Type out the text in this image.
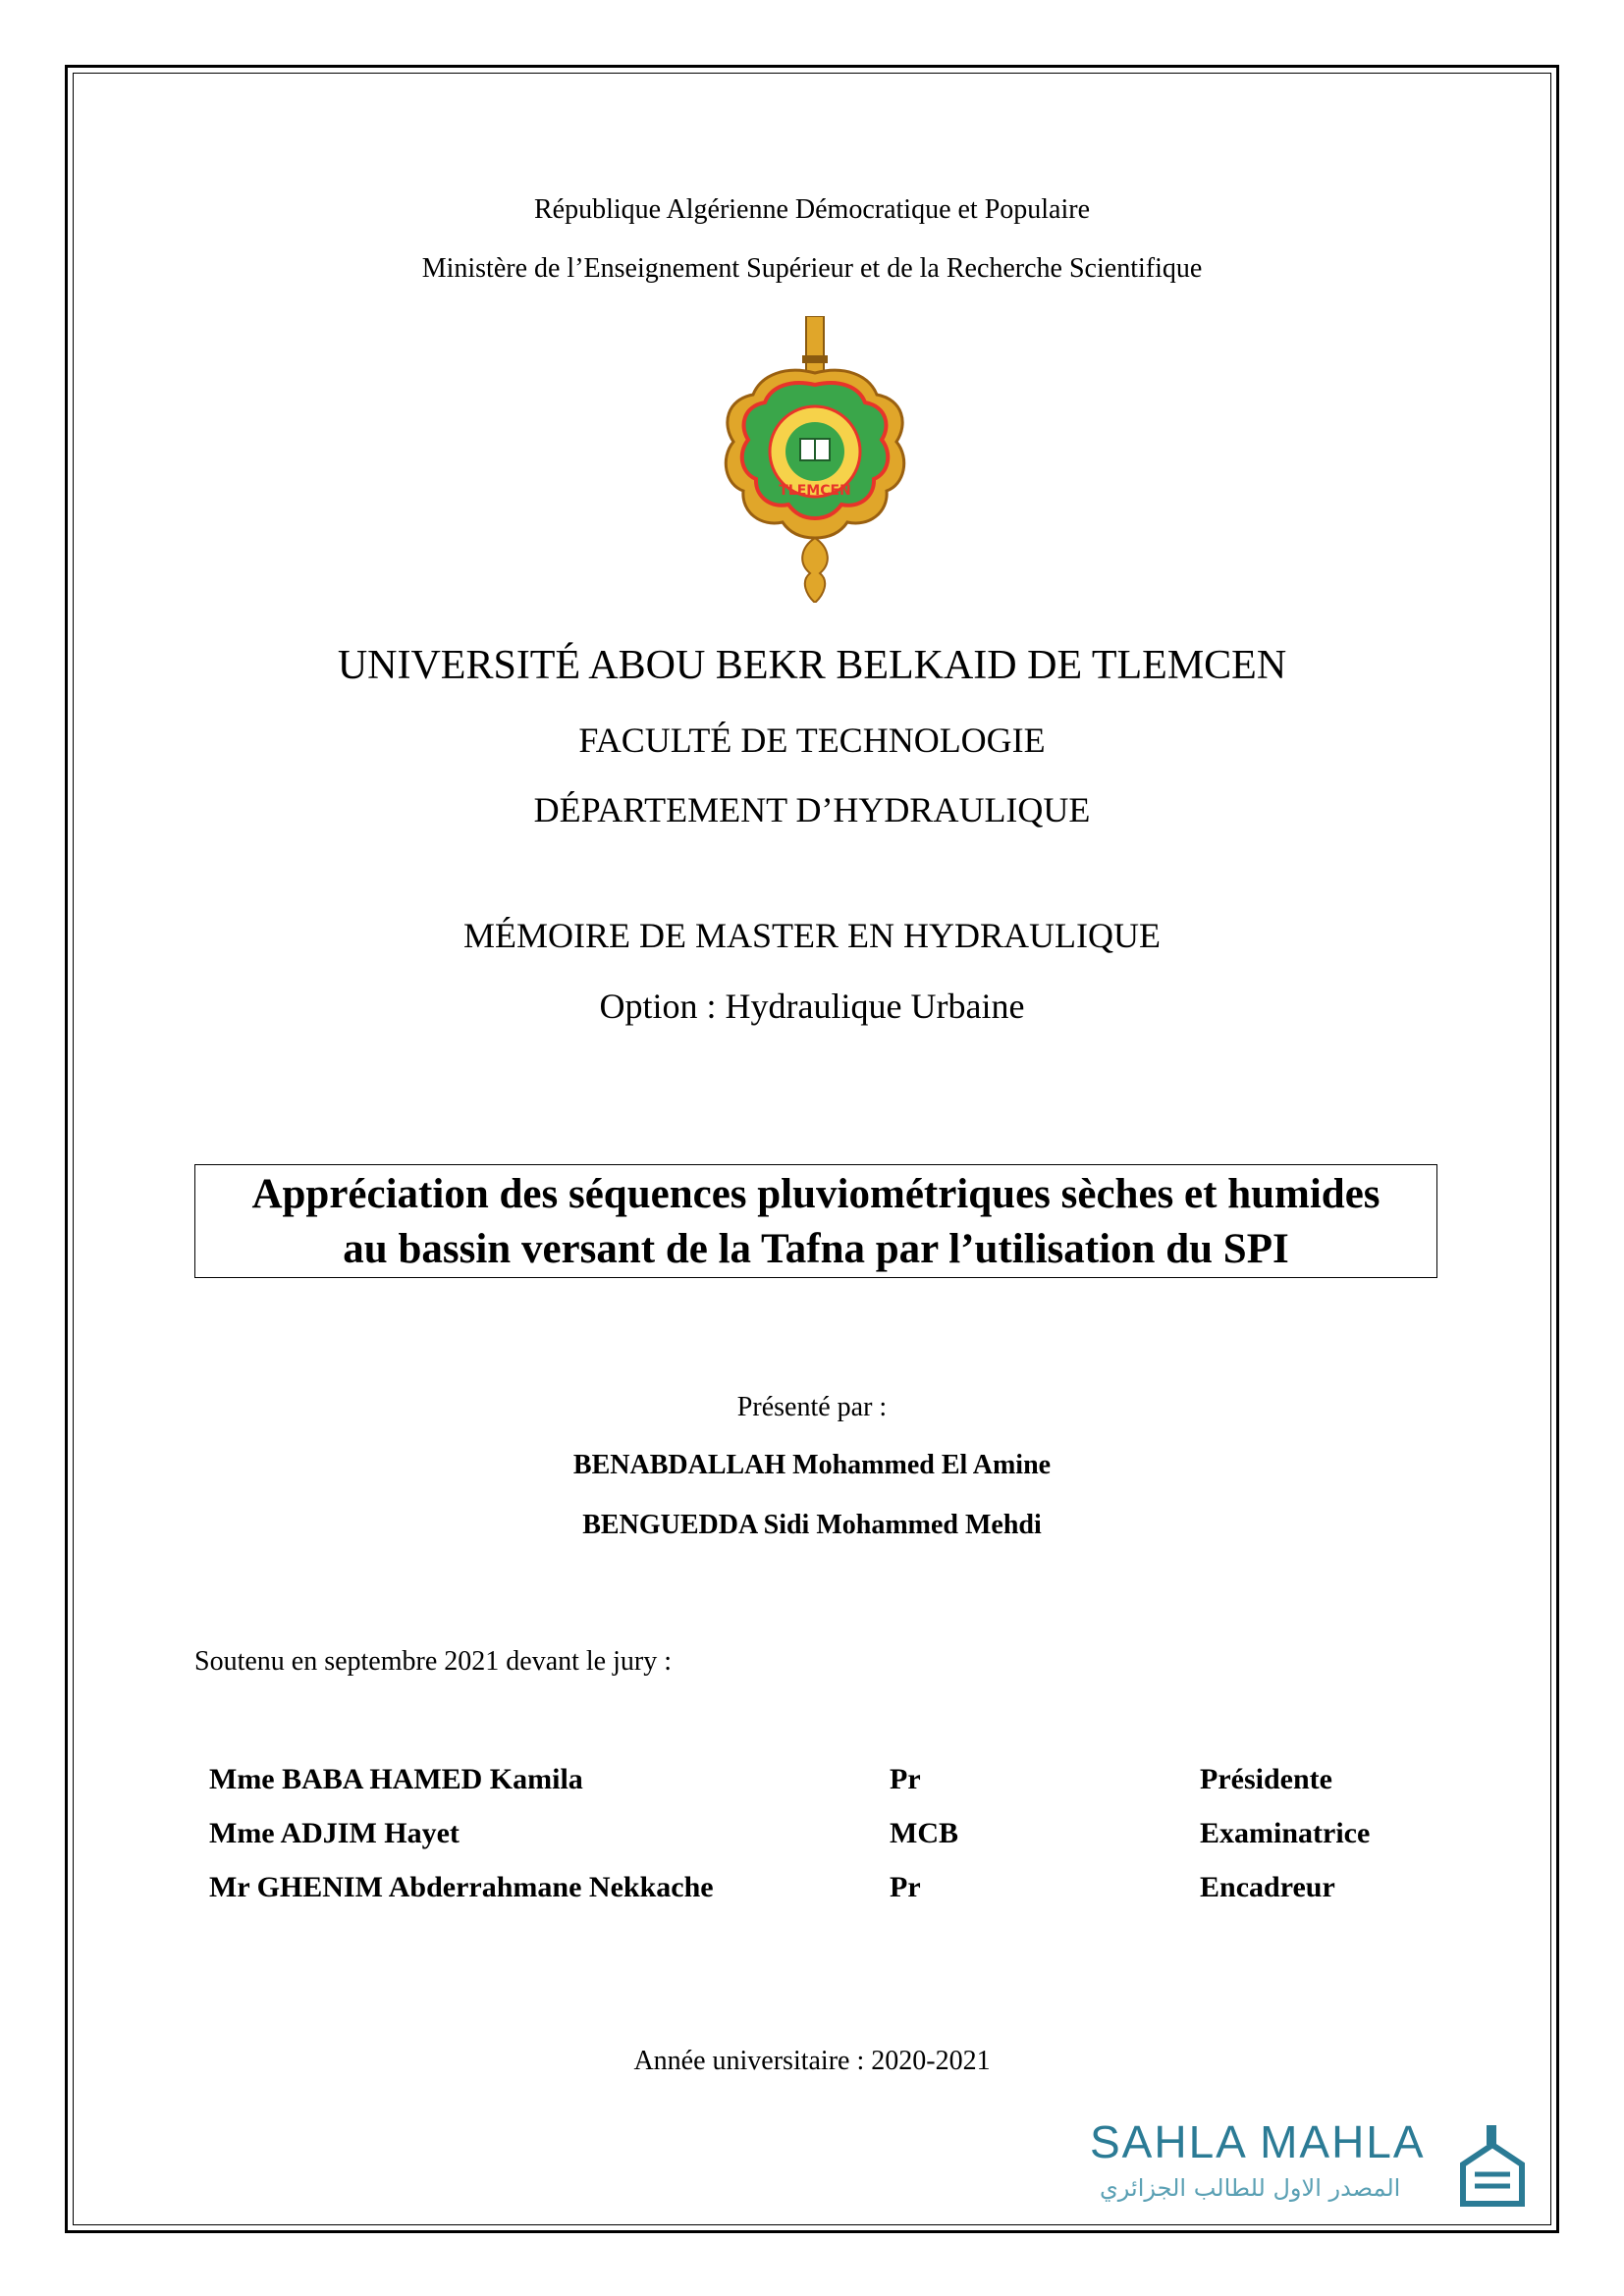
République Algérienne Démocratique et Populaire
Ministère de l’Enseignement Supérieur et de la Recherche Scientifique
TLEMCEN
UNIVERSITÉ ABOU BEKR BELKAID DE TLEMCEN
FACULTÉ DE TECHNOLOGIE
DÉPARTEMENT D’HYDRAULIQUE
MÉMOIRE DE MASTER EN HYDRAULIQUE
Option : Hydraulique Urbaine
Appréciation des séquences pluviométriques sèches et humides
au bassin versant de la Tafna par l’utilisation du SPI
Présenté par :
BENABDALLAH Mohammed El Amine
BENGUEDDA Sidi Mohammed Mehdi
Soutenu en septembre 2021 devant le jury :
Mme BABA HAMED Kamila	Pr	Présidente
Mme ADJIM Hayet	MCB	Examinatrice
Mr GHENIM Abderrahmane Nekkache	Pr	Encadreur
Année universitaire : 2020-2021
SAHLA MAHLA
المصدر الاول للطالب الجزائري
